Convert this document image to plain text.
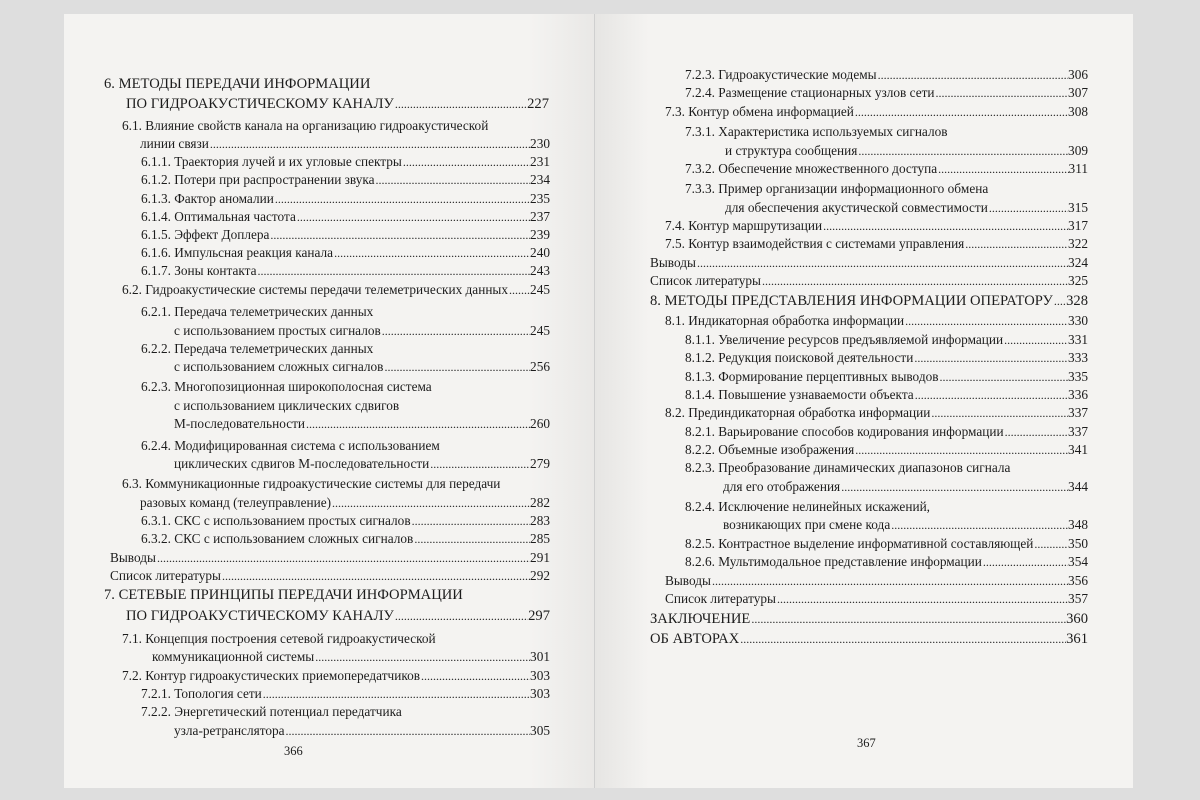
6. МЕТОДЫ ПЕРЕДАЧИ ИНФОРМАЦИИ
ПО ГИДРОАКУСТИЧЕСКОМУ КАНАЛУ .....	227
6.1. Влияние свойств канала на организацию гидроакустической
линии связи .....	230
6.1.1. Траектория лучей и их угловые спектры .....	231
6.1.2. Потери при распространении звука .....	234
6.1.3. Фактор аномалии .....	235
6.1.4. Оптимальная частота .....	237
6.1.5. Эффект Доплера .....	239
6.1.6. Импульсная реакция канала .....	240
6.1.7. Зоны контакта .....	243
6.2. Гидроакустические системы передачи телеметрических данных ..... 245
6.2.1. Передача телеметрических данных
с использованием простых сигналов .....	245
6.2.2. Передача телеметрических данных
с использованием сложных сигналов .....	256
6.2.3. Многопозиционная широкополосная система
с использованием циклических сдвигов
М-последовательности .....	260
6.2.4. Модифицированная система с использованием
циклических сдвигов М-последовательности .....	279
6.3. Коммуникационные гидроакустические системы для передачи
разовых команд (телеуправление) .....	282
6.3.1. СКС с использованием простых сигналов .....	283
6.3.2. СКС с использованием сложных сигналов .....	285
Выводы .....	291
Список литературы .....	292
7. СЕТЕВЫЕ ПРИНЦИПЫ ПЕРЕДАЧИ ИНФОРМАЦИИ
ПО ГИДРОАКУСТИЧЕСКОМУ КАНАЛУ .....	297
7.1. Концепция построения сетевой гидроакустической
коммуникационной системы .....	301
7.2. Контур гидроакустических приемопередатчиков .....	303
7.2.1. Топология сети .....	303
7.2.2. Энергетический потенциал передатчика
узла-ретранслятора .....	305
366
7.2.3. Гидроакустические модемы .....	306
7.2.4. Размещение стационарных узлов сети .....	307
7.3. Контур обмена информацией .....	308
7.3.1. Характеристика используемых сигналов
и структура сообщения .....	309
7.3.2. Обеспечение множественного доступа .....	311
7.3.3. Пример организации информационного обмена
для обеспечения акустической совместимости .....	315
7.4. Контур маршрутизации .....	317
7.5. Контур взаимодействия с системами управления .....	322
Выводы .....	324
Список литературы .....	325
8. МЕТОДЫ ПРЕДСТАВЛЕНИЯ ИНФОРМАЦИИ ОПЕРАТОРУ ..... 328
8.1. Индикаторная обработка информации .....	330
8.1.1. Увеличение ресурсов предъявляемой информации .....	331
8.1.2. Редукция поисковой деятельности .....	333
8.1.3. Формирование перцептивных выводов .....	335
8.1.4. Повышение узнаваемости объекта .....	336
8.2. Прединдикаторная обработка информации .....	337
8.2.1. Варьирование способов кодирования информации .....	337
8.2.2. Объемные изображения .....	341
8.2.3. Преобразование динамических диапазонов сигнала
для его отображения .....	344
8.2.4. Исключение нелинейных искажений,
возникающих при смене кода .....	348
8.2.5. Контрастное выделение информативной составляющей .....	350
8.2.6. Мультимодальное представление информации .....	354
Выводы .....	356
Список литературы .....	357
ЗАКЛЮЧЕНИЕ .....	360
ОБ АВТОРАХ .....	361
367
